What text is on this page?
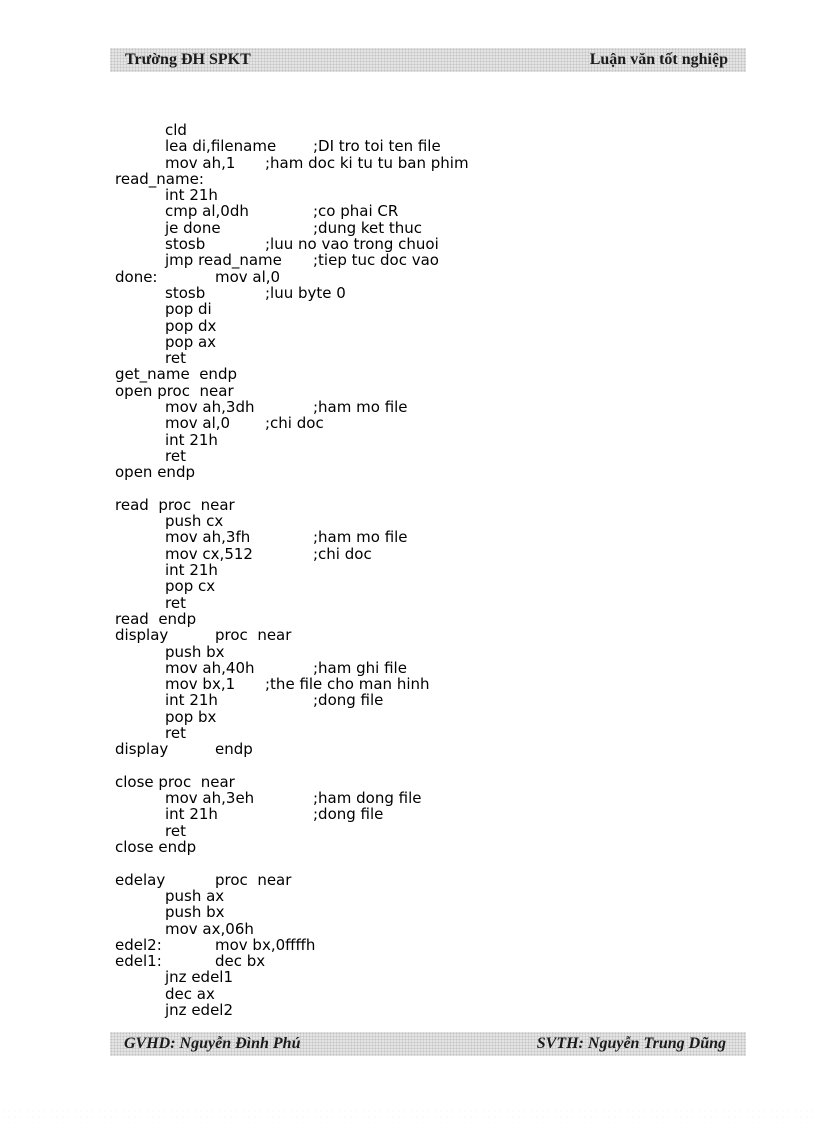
Trường ĐH SPKT	Luận văn tốt nghiệp
cld
lea di,filename ;DI tro toi ten file
mov ah,1 ;ham doc ki tu tu ban phim
read_name:
int 21h
cmp al,0dh	;co phai CR
je done	;dung ket thuc
stosb	;luu no vao trong chuoi
jmp read_name ;tiep tuc doc vao
done:	mov al,0
stosb	;luu byte 0
pop di
pop dx
pop ax
ret
get_name  endp
open proc  near
mov ah,3dh	;ham mo file
mov al,0 ;chi doc
int 21h
ret
open endp
read  proc  near
push cx
mov ah,3fh	;ham mo file
mov cx,512	;chi doc
int 21h
pop cx
ret
read  endp
display	proc  near
push bx
mov ah,40h	;ham ghi file
mov bx,1 ;the file cho man hinh
int 21h	;dong file
pop bx
ret
display	endp
close proc  near
mov ah,3eh	;ham dong file
int 21h	;dong file
ret
close endp
edelay	proc  near
push ax
push bx
mov ax,06h
edel2:	mov bx,0ffffh
edel1:	dec bx
jnz edel1
dec ax
jnz edel2
GVHD: Nguyễn Đình Phú	SVTH: Nguyễn Trung Dũng
